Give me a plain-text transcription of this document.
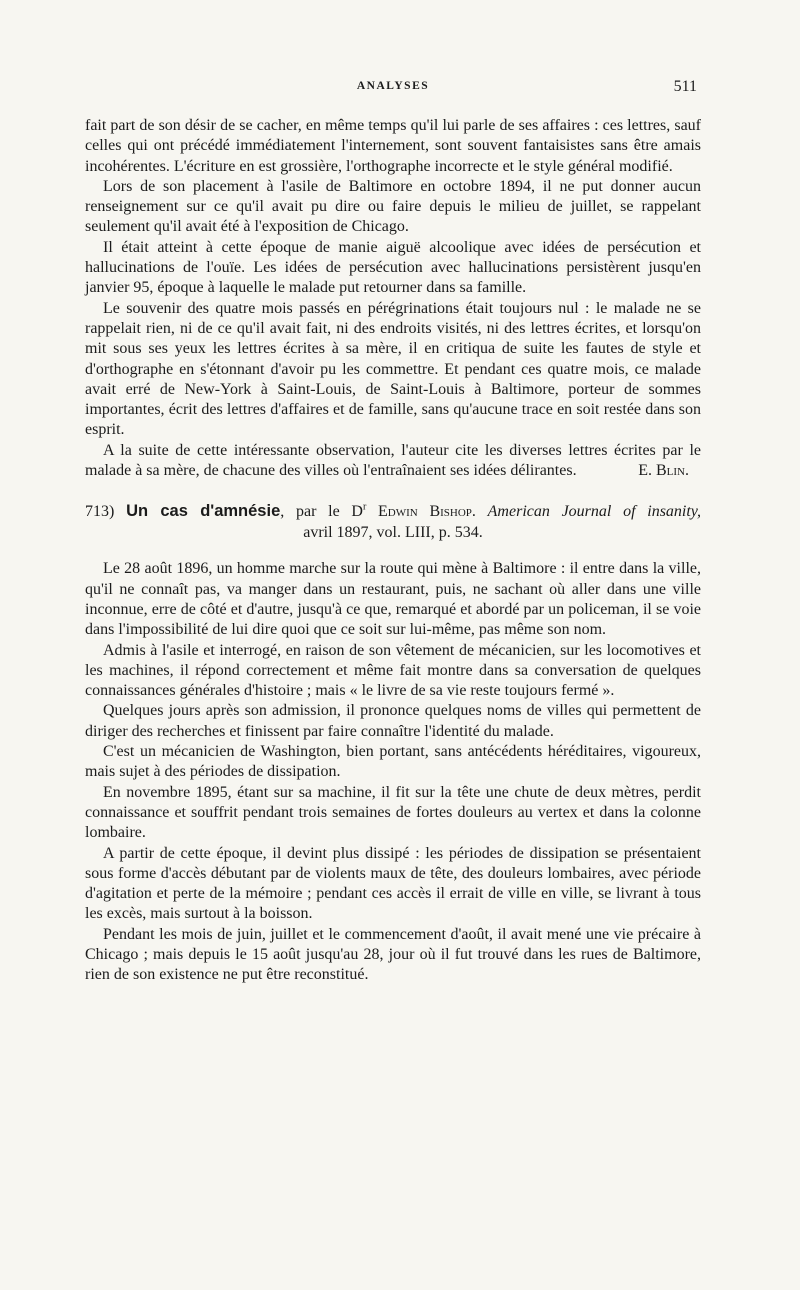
ANALYSES	511

fait part de son désir de se cacher, en même temps qu'il lui parle de ses affaires : ces lettres, sauf celles qui ont précédé immédiatement l'internement, sont souvent fantaisistes sans être amais incohérentes. L'écriture en est grossière, l'orthographe incorrecte et le style général modifié.

Lors de son placement à l'asile de Baltimore en octobre 1894, il ne put donner aucun renseignement sur ce qu'il avait pu dire ou faire depuis le milieu de juillet, se rappelant seulement qu'il avait été à l'exposition de Chicago.

Il était atteint à cette époque de manie aiguë alcoolique avec idées de persécution et hallucinations de l'ouïe. Les idées de persécution avec hallucinations persistèrent jusqu'en janvier 95, époque à laquelle le malade put retourner dans sa famille.

Le souvenir des quatre mois passés en pérégrinations était toujours nul : le malade ne se rappelait rien, ni de ce qu'il avait fait, ni des endroits visités, ni des lettres écrites, et lorsqu'on mit sous ses yeux les lettres écrites à sa mère, il en critiqua de suite les fautes de style et d'orthographe en s'étonnant d'avoir pu les commettre. Et pendant ces quatre mois, ce malade avait erré de New-York à Saint-Louis, de Saint-Louis à Baltimore, porteur de sommes importantes, écrit des lettres d'affaires et de famille, sans qu'aucune trace en soit restée dans son esprit.

A la suite de cette intéressante observation, l'auteur cite les diverses lettres écrites par le malade à sa mère, de chacune des villes où l'entraînaient ses idées délirantes.	E. Blin.
713) Un cas d'amnésie, par le $D^r$ Edwin Bishop. American Journal of insanity,
avril 1897, vol. LIII, p. 534.

Le 28 août 1896, un homme marche sur la route qui mène à Baltimore : il entre dans la ville, qu'il ne connaît pas, va manger dans un restaurant, puis, ne sachant où aller dans une ville inconnue, erre de côté et d'autre, jusqu'à ce que, remarqué et abordé par un policeman, il se voie dans l'impossibilité de lui dire quoi que ce soit sur lui-même, pas même son nom.

Admis à l'asile et interrogé, en raison de son vêtement de mécanicien, sur les locomotives et les machines, il répond correctement et même fait montre dans sa conversation de quelques connaissances générales d'histoire ; mais « le livre de sa vie reste toujours fermé ».

Quelques jours après son admission, il prononce quelques noms de villes qui permettent de diriger des recherches et finissent par faire connaître l'identité du malade.

C'est un mécanicien de Washington, bien portant, sans antécédents héréditaires, vigoureux, mais sujet à des périodes de dissipation.

En novembre 1895, étant sur sa machine, il fit sur la tête une chute de deux mètres, perdit connaissance et souffrit pendant trois semaines de fortes douleurs au vertex et dans la colonne lombaire.

A partir de cette époque, il devint plus dissipé : les périodes de dissipation se présentaient sous forme d'accès débutant par de violents maux de tête, des douleurs lombaires, avec période d'agitation et perte de la mémoire ; pendant ces accès il errait de ville en ville, se livrant à tous les excès, mais surtout à la boisson.

Pendant les mois de juin, juillet et le commencement d'août, il avait mené une vie précaire à Chicago ; mais depuis le 15 août jusqu'au 28, jour où il fut trouvé dans les rues de Baltimore, rien de son existence ne put être reconstitué.
